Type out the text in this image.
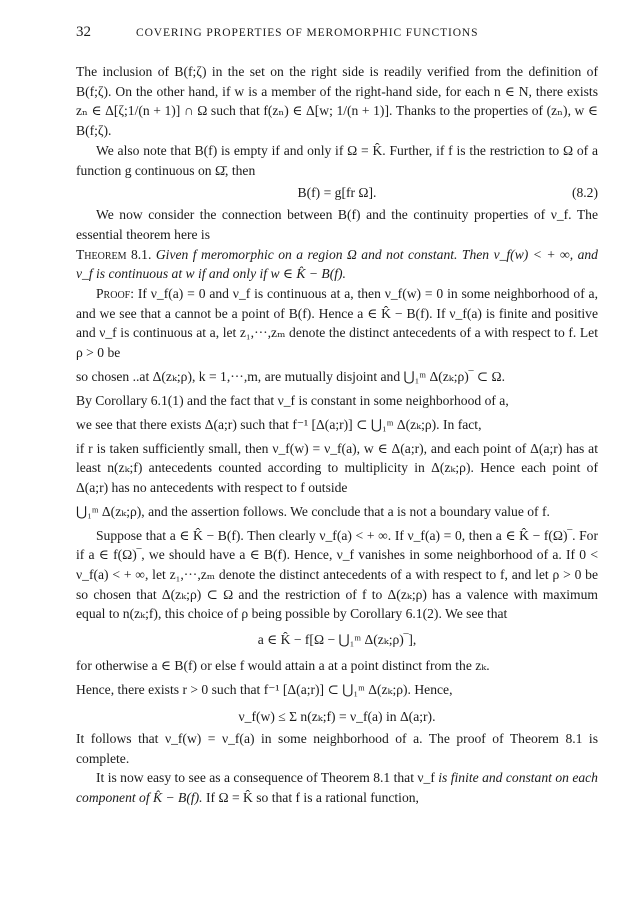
32	COVERING PROPERTIES OF MEROMORPHIC FUNCTIONS

The inclusion of B(f;ζ) in the set on the right side is readily verified from the definition of B(f;ζ). On the other hand, if w is a member of the right-hand side, for each n ∈ N, there exists zₙ ∈ Δ[ζ;1/(n + 1)] ∩ Ω such that f(zₙ) ∈ Δ[w; 1/(n + 1)]. Thanks to the properties of (zₙ), w ∈ B(f;ζ).

We also note that B(f) is empty if and only if Ω = K̂. Further, if f is the restriction to Ω of a function g continuous on Ω̄, then

B(f) = g[fr Ω].	(8.2)

We now consider the connection between B(f) and the continuity properties of ν_f. The essential theorem here is

Theorem 8.1. Given f meromorphic on a region Ω and not constant. Then ν_f(w) < + ∞, and ν_f is continuous at w if and only if w ∈ K̂ − B(f).

Proof: If ν_f(a) = 0 and ν_f is continuous at a, then ν_f(w) = 0 in some neighborhood of a, and we see that a cannot be a point of B(f). Hence a ∈ K̂ − B(f). If ν_f(a) is finite and positive and ν_f is continuous at a, let z₁,···,zₘ denote the distinct antecedents of a with respect to f. Let ρ > 0 be

so chosen ..at Δ(zₖ;ρ), k = 1,···,m, are mutually disjoint and ⋃₁ᵐ Δ(zₖ;ρ)‾ ⊂ Ω.

By Corollary 6.1(1) and the fact that ν_f is constant in some neighborhood of a,

we see that there exists Δ(a;r) such that f⁻¹ [Δ(a;r)] ⊂ ⋃₁ᵐ Δ(zₖ;ρ). In fact,

if r is taken sufficiently small, then ν_f(w) = ν_f(a), w ∈ Δ(a;r), and each point of Δ(a;r) has at least n(zₖ;f) antecedents counted according to multiplicity in Δ(zₖ;ρ). Hence each point of Δ(a;r) has no antecedents with respect to f outside

⋃₁ᵐ Δ(zₖ;ρ), and the assertion follows. We conclude that a is not a boundary value of f.

Suppose that a ∈ K̂ − B(f). Then clearly ν_f(a) < + ∞. If ν_f(a) = 0, then a ∈ K̂ − f(Ω)‾. For if a ∈ f(Ω)‾, we should have a ∈ B(f). Hence, ν_f vanishes in some neighborhood of a. If 0 < ν_f(a) < + ∞, let z₁,···,zₘ denote the distinct antecedents of a with respect to f, and let ρ > 0 be so chosen that Δ(zₖ;ρ) ⊂ Ω and the restriction of f to Δ(zₖ;ρ) has a valence with maximum equal to n(zₖ;f), this choice of ρ being possible by Corollary 6.1(2). We see that

a ∈ K̂ − f[Ω − ⋃₁ᵐ Δ(zₖ;ρ)‾],

for otherwise a ∈ B(f) or else f would attain a at a point distinct from the zₖ.

Hence, there exists r > 0 such that f⁻¹ [Δ(a;r)] ⊂ ⋃₁ᵐ Δ(zₖ;ρ). Hence,

ν_f(w) ≤ Σ n(zₖ;f) = ν_f(a) in Δ(a;r).

It follows that ν_f(w) = ν_f(a) in some neighborhood of a. The proof of Theorem 8.1 is complete.

It is now easy to see as a consequence of Theorem 8.1 that ν_f is finite and constant on each component of K̂ − B(f). If Ω = K̂ so that f is a rational function,
